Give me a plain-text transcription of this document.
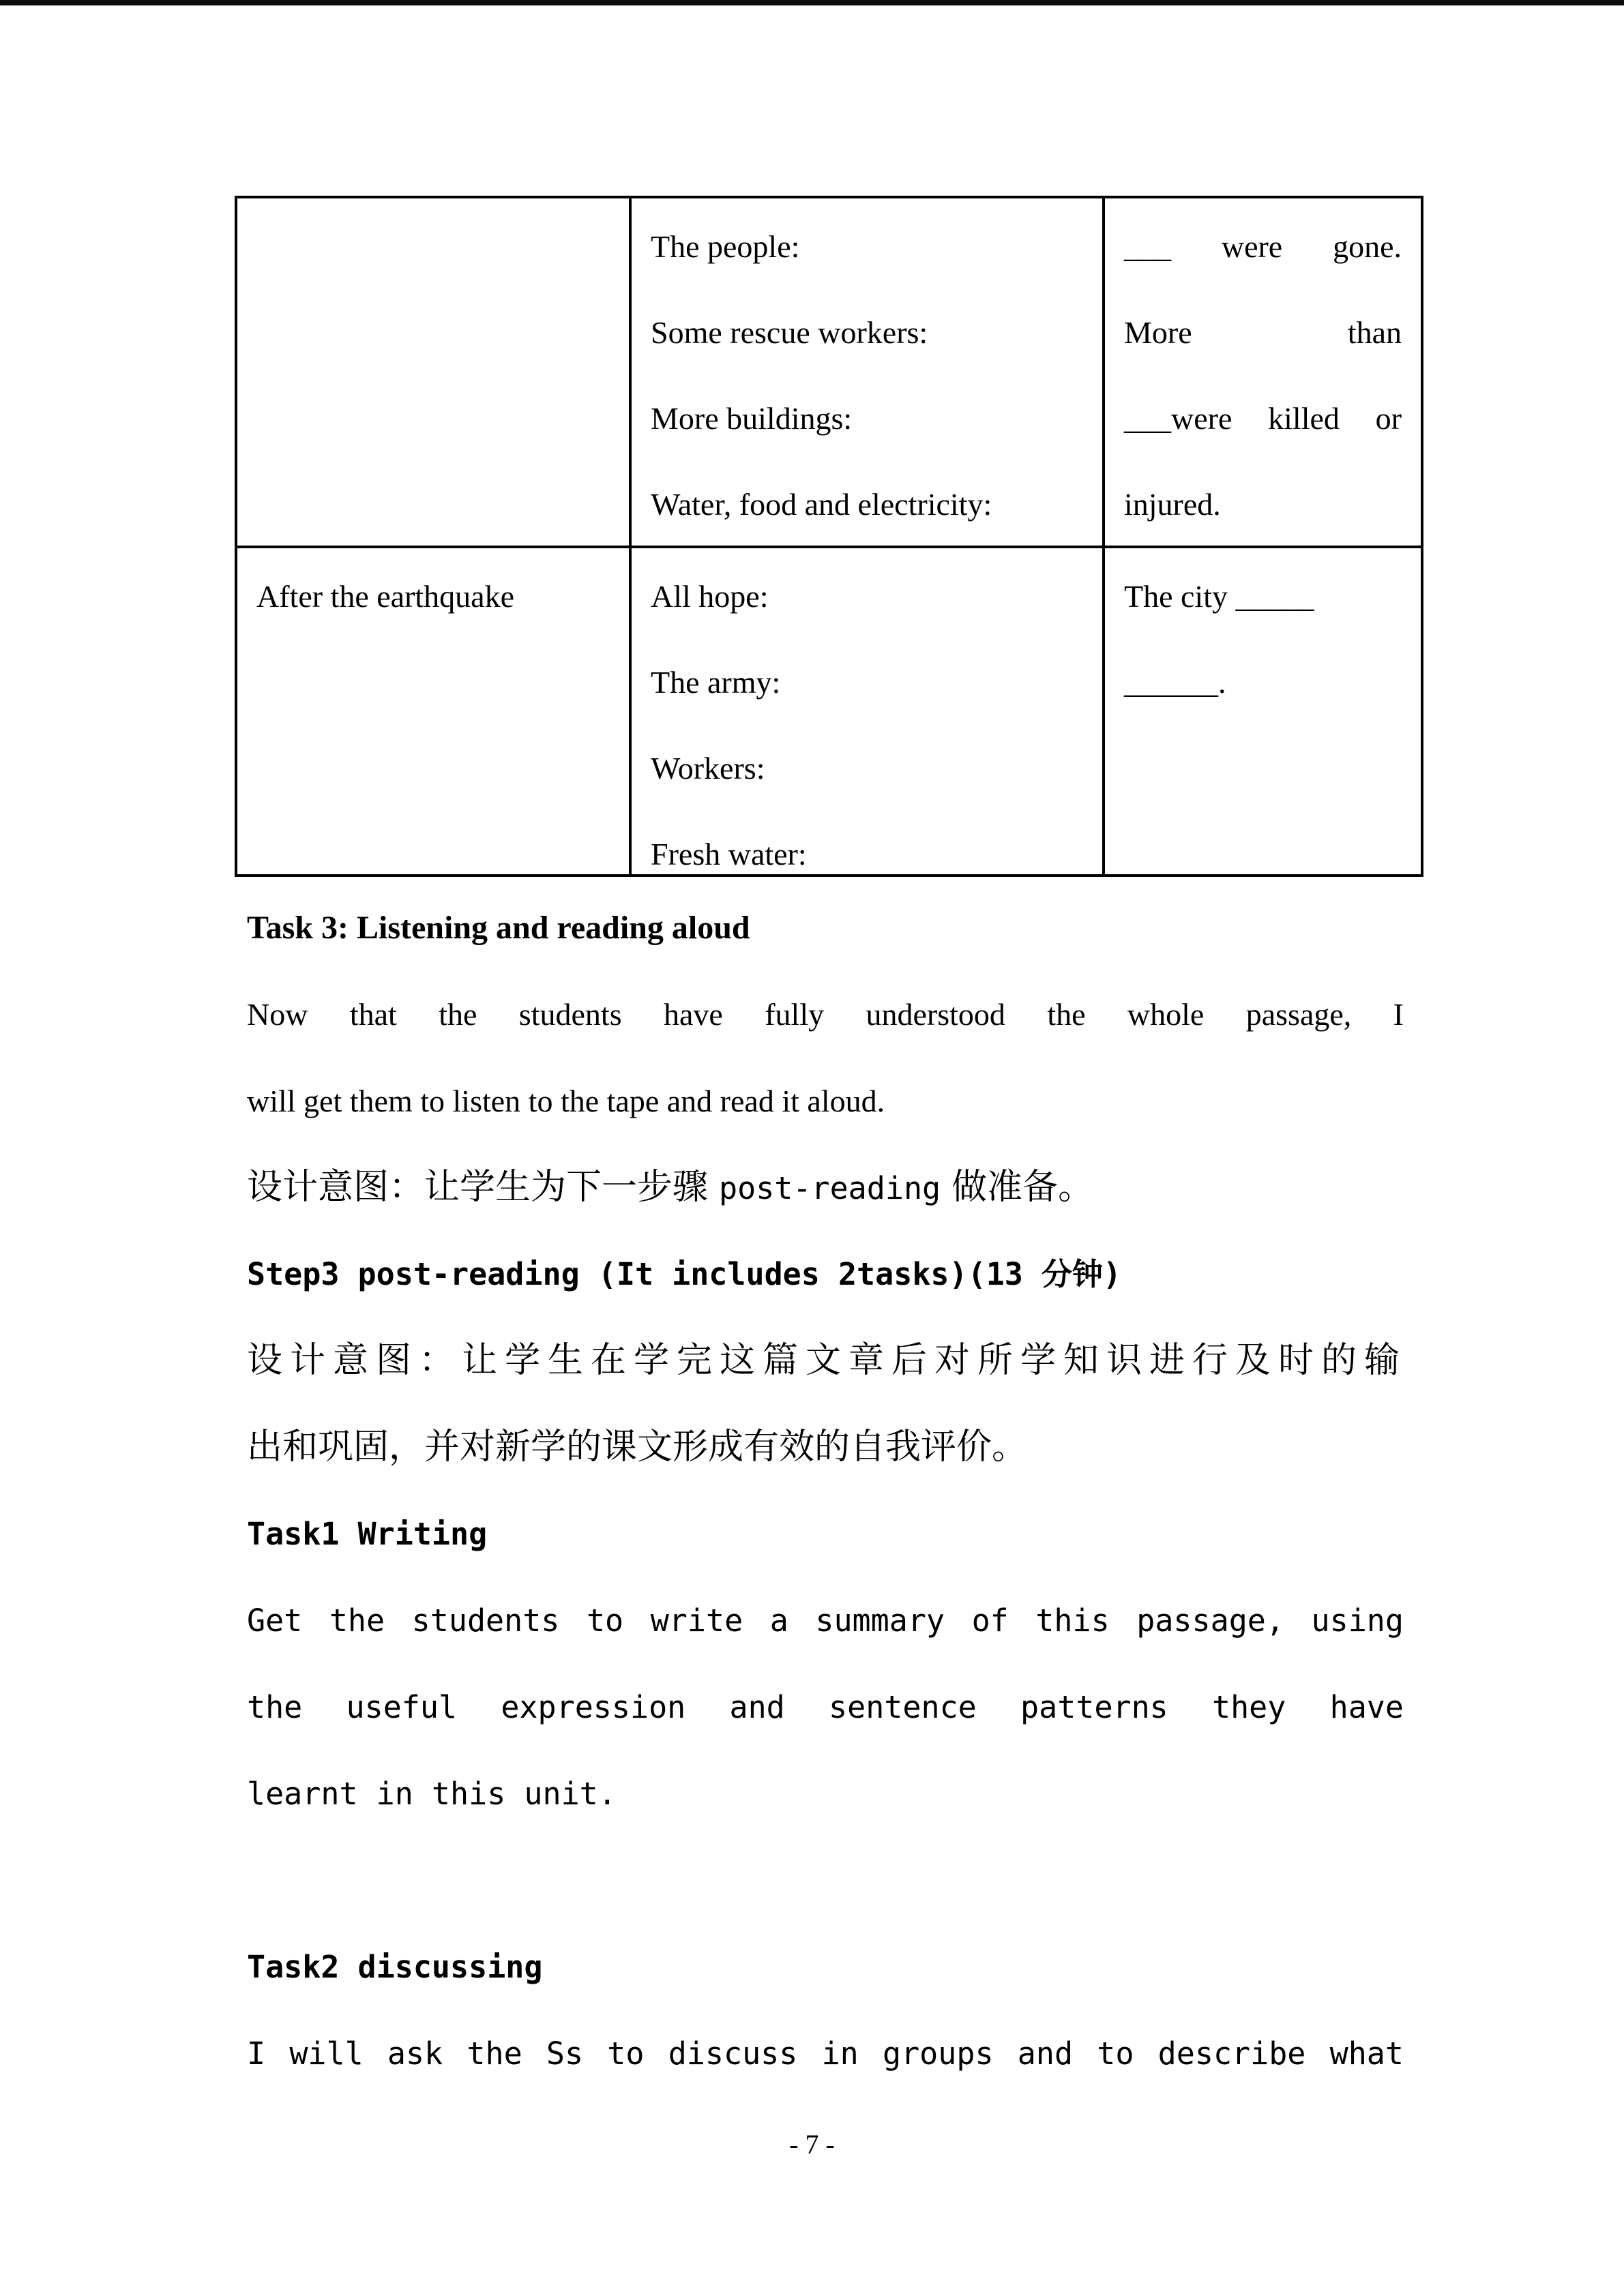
The people:
Some rescue workers:
More buildings:
Water, food and electricity:
___ were gone.
More than
___were killed or
injured.
After the earthquake	All hope:
The army:
Workers:
Fresh water:
The city _____
______.
Task 3: Listening and reading aloud
Now that the students have fully understood the whole passage, I
will get them to listen to the tape and read it aloud.
设计意图：让学生为下一步骤 post-reading 做准备。
Step3 post-reading (It includes 2tasks)(13 分钟)
设计意图：让学生在学完这篇文章后对所学知识进行及时的输
出和巩固，并对新学的课文形成有效的自我评价。
Task1 Writing
Get the students to write a summary of this passage, using
the useful expression and sentence patterns they have
learnt in this unit.
Task2 discussing
I will ask the Ss to discuss in groups and to describe what
- 7 -
